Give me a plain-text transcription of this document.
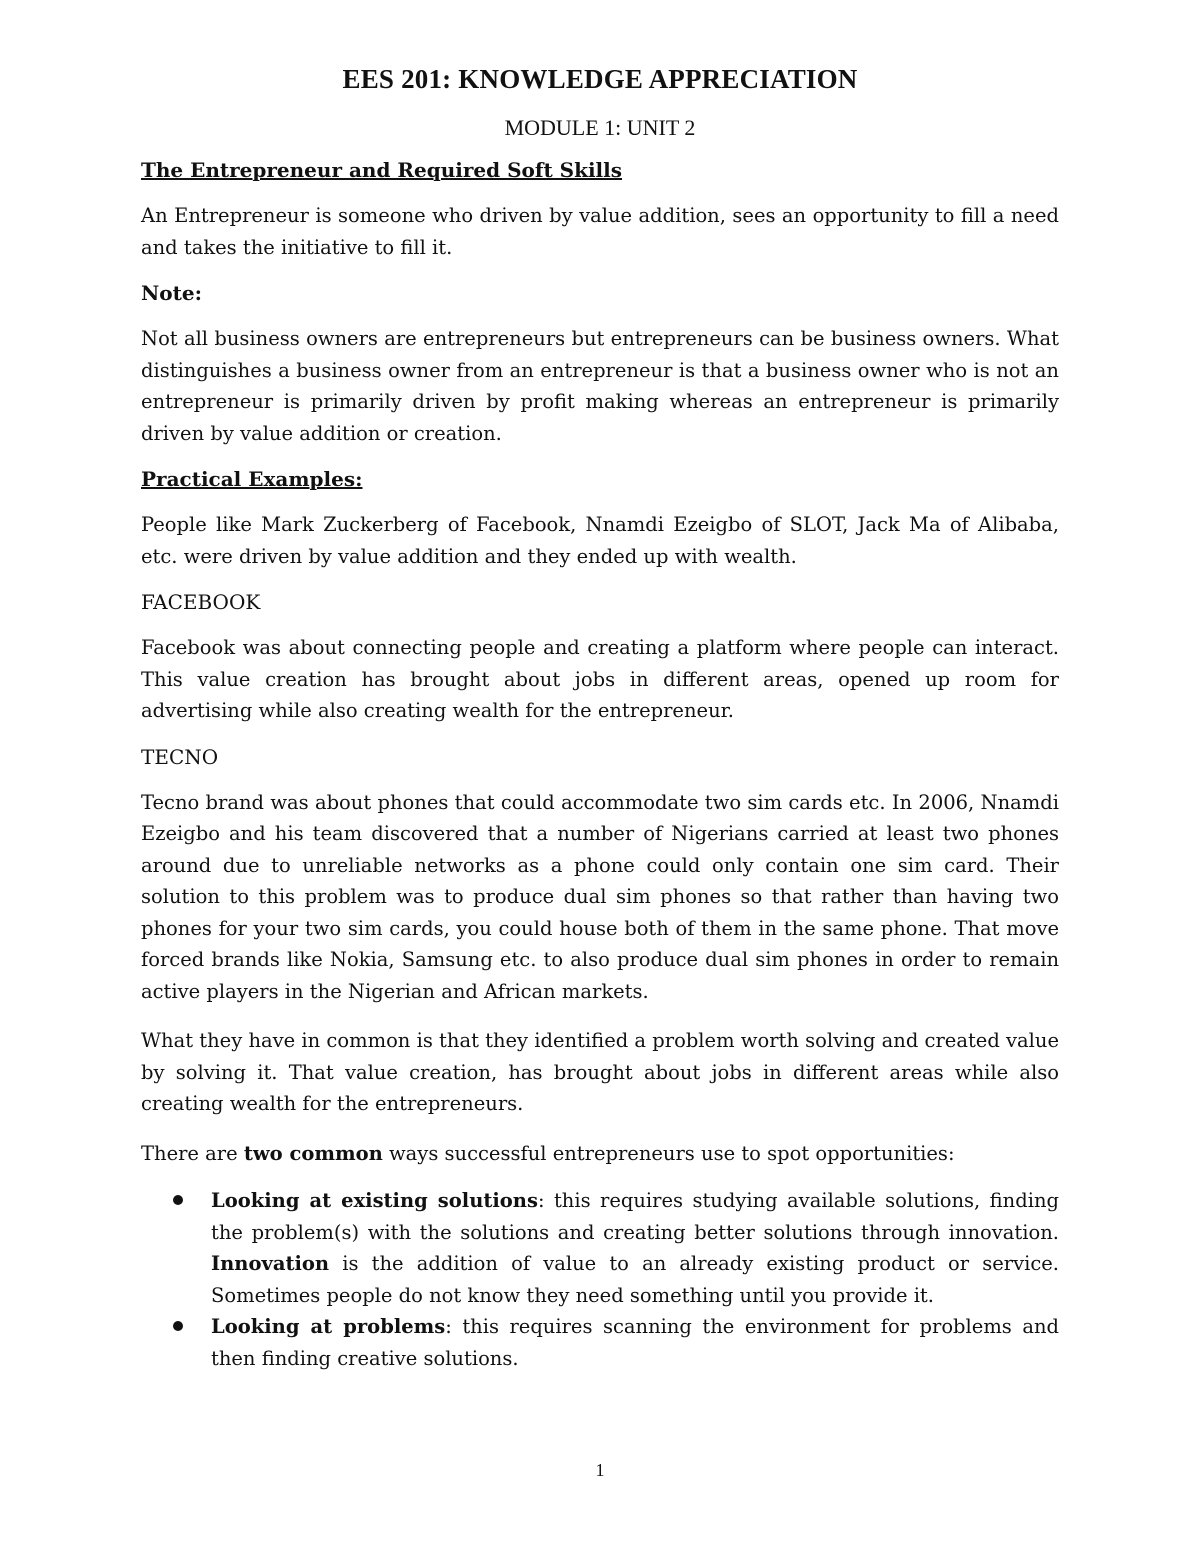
EES 201: KNOWLEDGE APPRECIATION
MODULE 1: UNIT 2
The Entrepreneur and Required Soft Skills

An Entrepreneur is someone who driven by value addition, sees an opportunity to fill a need and takes the initiative to fill it.

Note:

Not all business owners are entrepreneurs but entrepreneurs can be business owners. What distinguishes a business owner from an entrepreneur is that a business owner who is not an entrepreneur is primarily driven by profit making whereas an entrepreneur is primarily driven by value addition or creation.

Practical Examples:

People like Mark Zuckerberg of Facebook, Nnamdi Ezeigbo of SLOT, Jack Ma of Alibaba, etc. were driven by value addition and they ended up with wealth.

FACEBOOK

Facebook was about connecting people and creating a platform where people can interact. This value creation has brought about jobs in different areas, opened up room for advertising while also creating wealth for the entrepreneur.

TECNO

Tecno brand was about phones that could accommodate two sim cards etc. In 2006, Nnamdi Ezeigbo and his team discovered that a number of Nigerians carried at least two phones around due to unreliable networks as a phone could only contain one sim card. Their solution to this problem was to produce dual sim phones so that rather than having two phones for your two sim cards, you could house both of them in the same phone. That move forced brands like Nokia, Samsung etc. to also produce dual sim phones in order to remain active players in the Nigerian and African markets.

What they have in common is that they identified a problem worth solving and created value by solving it. That value creation, has brought about jobs in different areas while also creating wealth for the entrepreneurs.

There are two common ways successful entrepreneurs use to spot opportunities:

Looking at existing solutions: this requires studying available solutions, finding the problem(s) with the solutions and creating better solutions through innovation. Innovation is the addition of value to an already existing product or service. Sometimes people do not know they need something until you provide it.
Looking at problems: this requires scanning the environment for problems and then finding creative solutions.
1
